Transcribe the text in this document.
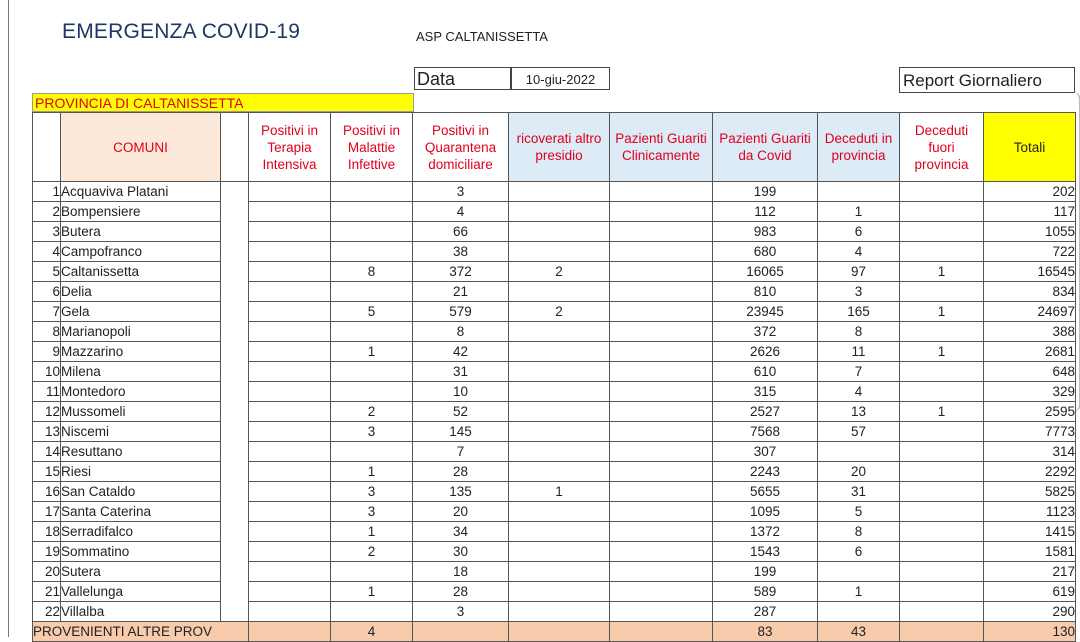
EMERGENZA COVID-19	ASP CALTANISSETTA
Data	10-giu-2022	Report Giornaliero
PROVINCIA DI CALTANISSETTA
	COMUNI		Positivi in Terapia Intensiva	Positivi in Malattie Infettive	Positivi in Quarantena domiciliare	ricoverati altro presidio	Pazienti Guariti Clinicamente	Pazienti Guariti da Covid	Deceduti in provincia	Deceduti fuori provincia	Totali
1	Acquaviva Platani				3			199			202
2	Bompensiere				4			112	1		117
3	Butera				66			983	6		1055
4	Campofranco				38			680	4		722
5	Caltanissetta			8	372	2		16065	97	1	16545
6	Delia				21			810	3		834
7	Gela			5	579	2		23945	165	1	24697
8	Marianopoli				8			372	8		388
9	Mazzarino			1	42			2626	11	1	2681
10	Milena				31			610	7		648
11	Montedoro				10			315	4		329
12	Mussomeli			2	52			2527	13	1	2595
13	Niscemi			3	145			7568	57		7773
14	Resuttano				7			307			314
15	Riesi			1	28			2243	20		2292
16	San Cataldo			3	135	1		5655	31		5825
17	Santa Caterina			3	20			1095	5		1123
18	Serradifalco			1	34			1372	8		1415
19	Sommatino			2	30			1543	6		1581
20	Sutera				18			199			217
21	Vallelunga			1	28			589	1		619
22	Villalba				3			287			290
PROVENIENTI ALTRE PROV				4				83	43		130
